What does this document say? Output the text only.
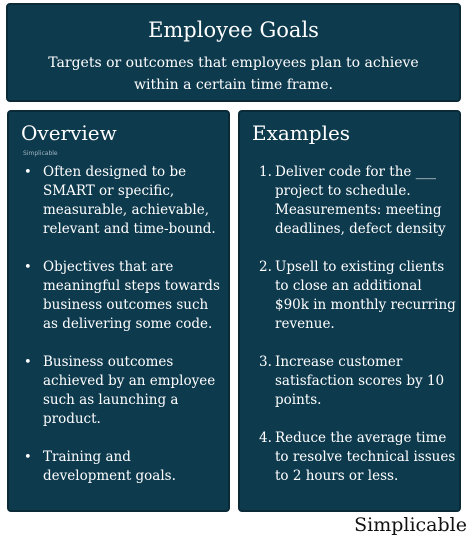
Employee Goals
Targets or outcomes that employees plan to achieve within a certain time frame.
Overview
Simplicable
• Often designed to be SMART or specific, measurable, achievable, relevant and time-bound.
• Objectives that are meaningful steps towards business outcomes such as delivering some code.
• Business outcomes achieved by an employee such as launching a product.
• Training and development goals.
Examples
1. Deliver code for the ___ project to schedule. Measurements: meeting deadlines, defect density
2. Upsell to existing clients to close an additional $90k in monthly recurring revenue.
3. Increase customer satisfaction scores by 10 points.
4. Reduce the average time to resolve technical issues to 2 hours or less.
Simplicable
